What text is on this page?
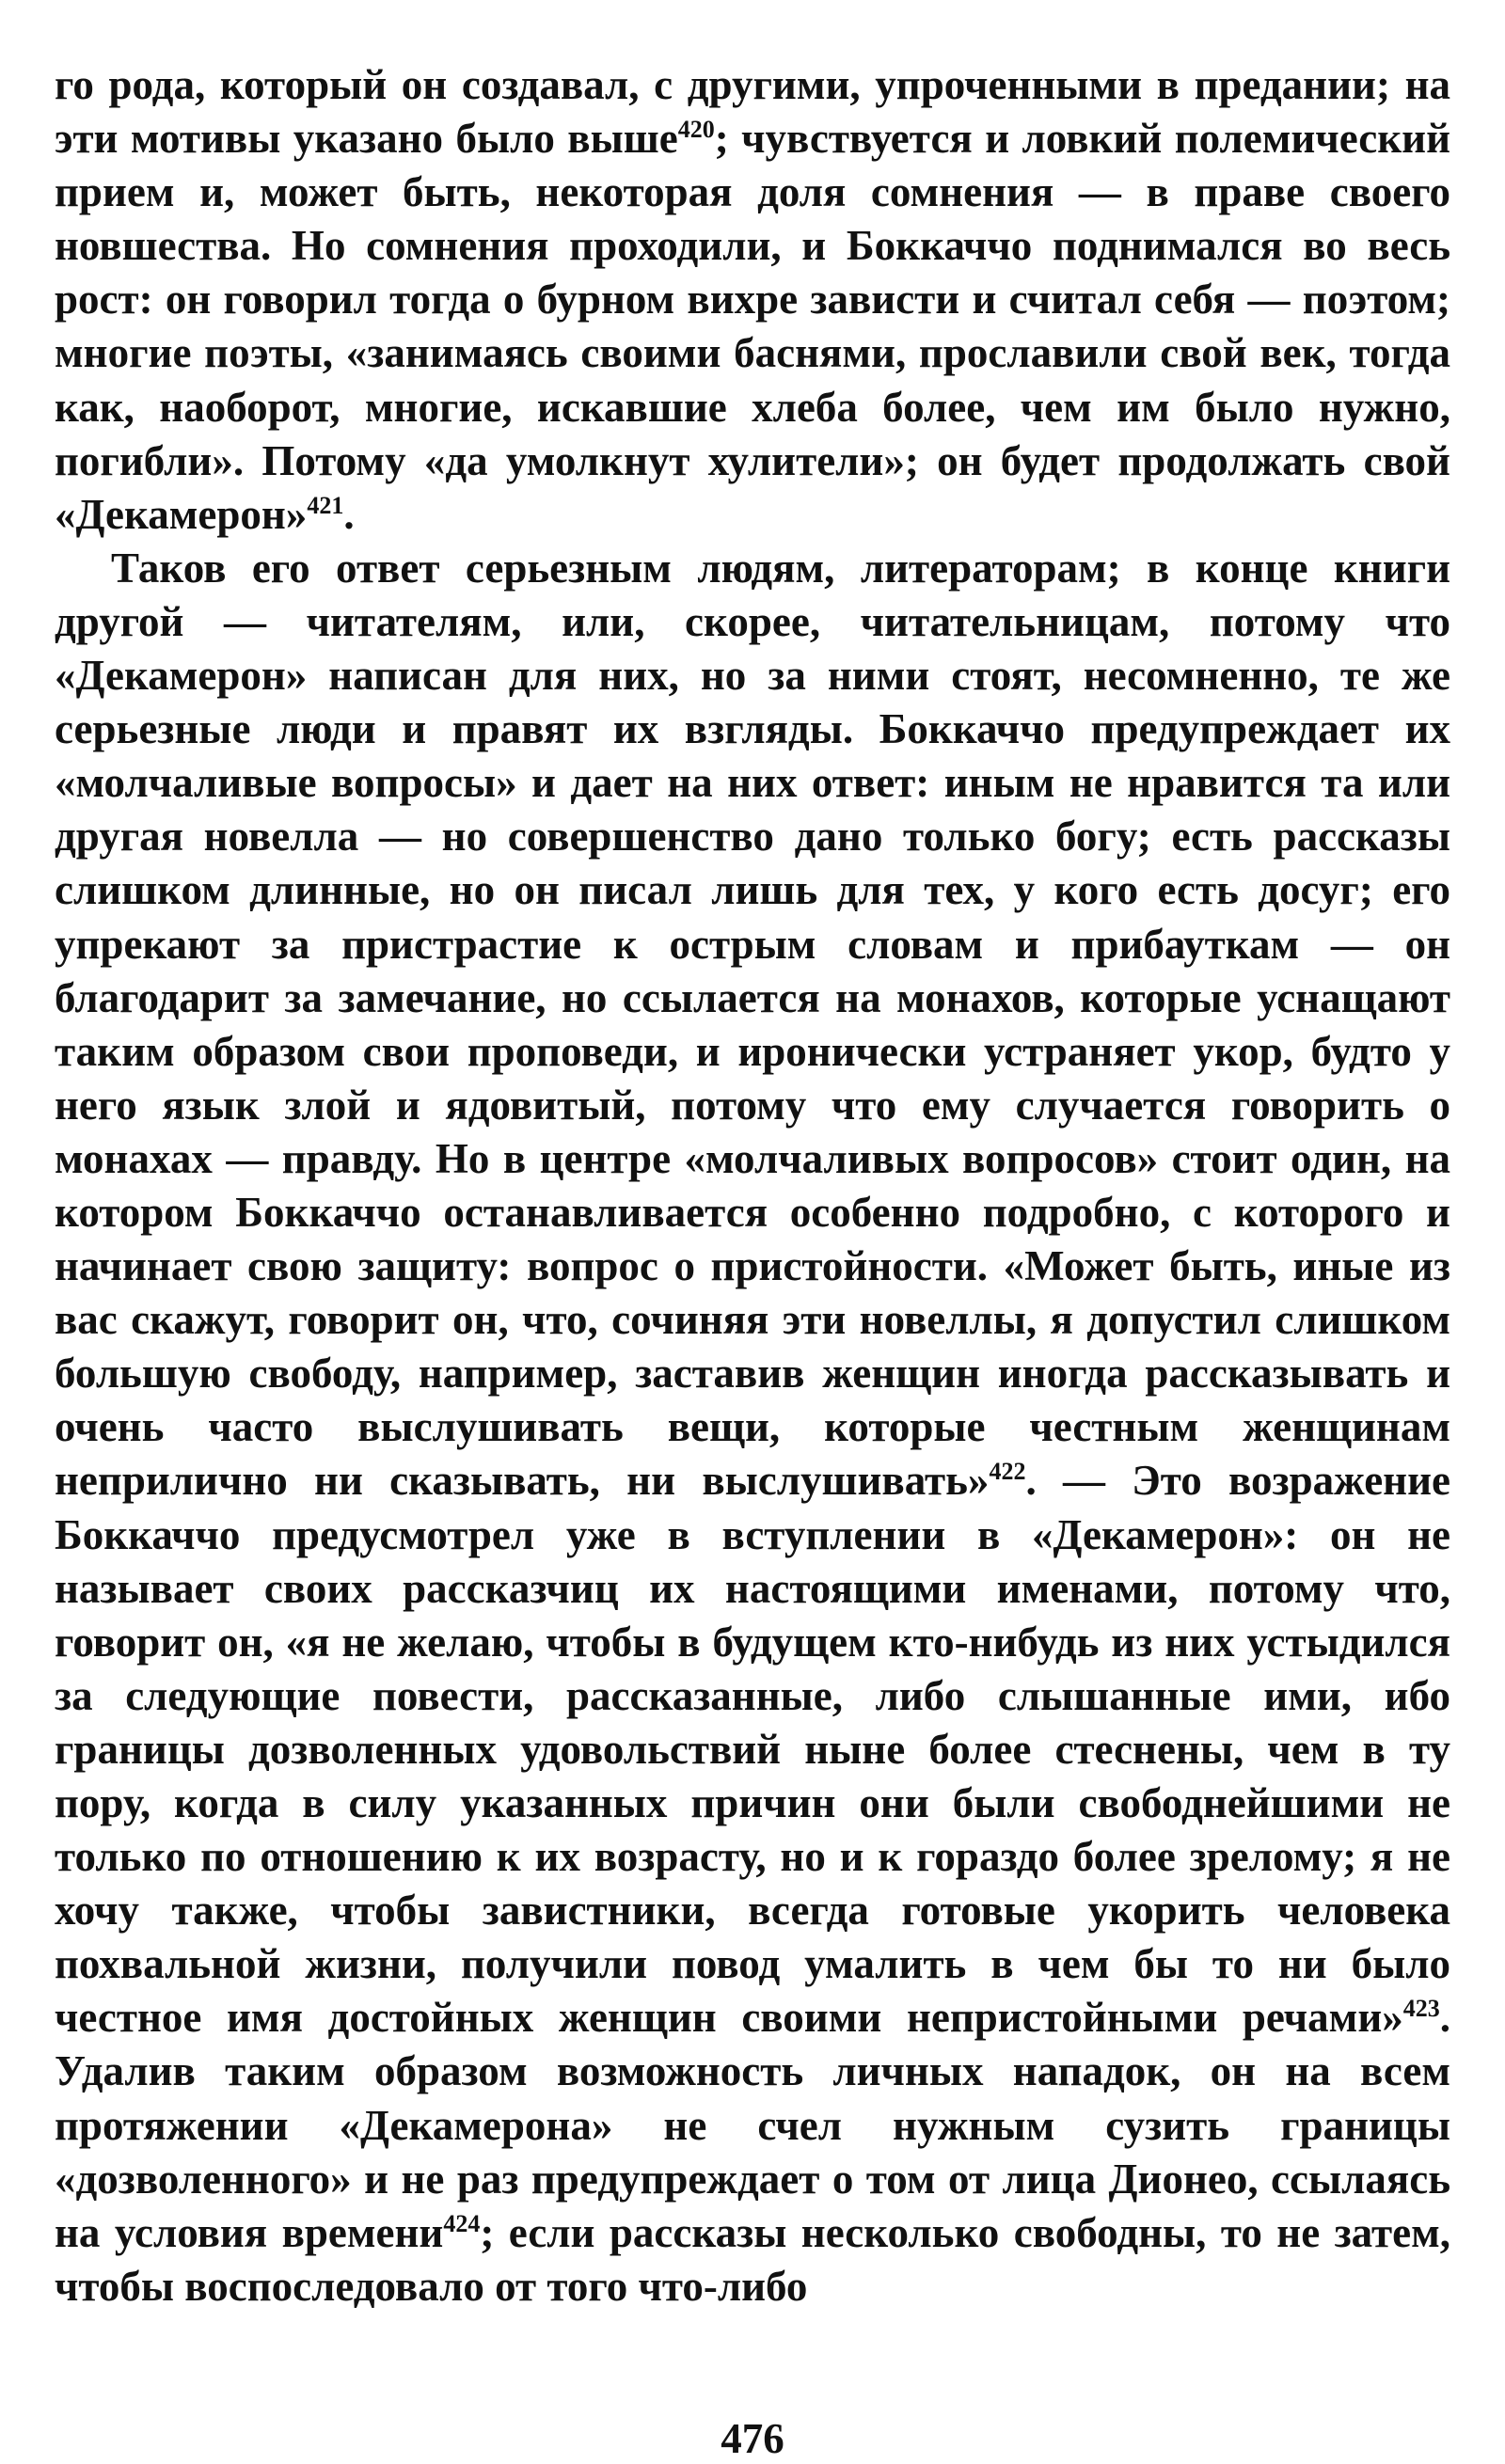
го рода, который он создавал, с другими, упроченными в предании; на эти мотивы указано было выше$^{420}$; чувствуется и ловкий полемический прием и, может быть, некоторая доля сомнения — в праве своего новшества. Но сомнения проходили, и Боккаччо поднимался во весь рост: он говорил тогда о бурном вихре зависти и считал себя — поэтом; многие поэты, «занимаясь своими баснями, прославили свой век, тогда как, наоборот, многие, искавшие хлеба более, чем им было нужно, погибли». Потому «да умолкнут хулители»; он будет продолжать свой «Декамерон»$^{421}$.

Таков его ответ серьезным людям, литераторам; в конце книги другой — читателям, или, скорее, читательницам, потому что «Декамерон» написан для них, но за ними стоят, несомненно, те же серьезные люди и правят их взгляды. Боккаччо предупреждает их «молчаливые вопросы» и дает на них ответ: иным не нравится та или другая новелла — но совершенство дано только богу; есть рассказы слишком длинные, но он писал лишь для тех, у кого есть досуг; его упрекают за пристрастие к острым словам и прибауткам — он благодарит за замечание, но ссылается на монахов, которые уснащают таким образом свои проповеди, и иронически устраняет укор, будто у него язык злой и ядовитый, потому что ему случается говорить о монахах — правду. Но в центре «молчаливых вопросов» стоит один, на котором Боккаччо останавливается особенно подробно, с которого и начинает свою защиту: вопрос о пристойности. «Может быть, иные из вас скажут, говорит он, что, сочиняя эти новеллы, я допустил слишком большую свободу, например, заставив женщин иногда рассказывать и очень часто выслушивать вещи, которые честным женщинам неприлично ни сказывать, ни выслушивать»$^{422}$. — Это возражение Боккаччо предусмотрел уже в вступлении в «Декамерон»: он не называет своих рассказчиц их настоящими именами, потому что, говорит он, «я не желаю, чтобы в будущем кто-нибудь из них устыдился за следующие повести, рассказанные, либо слышанные ими, ибо границы дозволенных удовольствий ныне более стеснены, чем в ту пору, когда в силу указанных причин они были свободнейшими не только по отношению к их возрасту, но и к гораздо более зрелому; я не хочу также, чтобы завистники, всегда готовые укорить человека похвальной жизни, получили повод умалить в чем бы то ни было честное имя достойных женщин своими непристойными речами»$^{423}$. Удалив таким образом возможность личных нападок, он на всем протяжении «Декамерона» не счел нужным сузить границы «дозволенного» и не раз предупреждает о том от лица Дионео, ссылаясь на условия времени$^{424}$; если рассказы несколько свободны, то не затем, чтобы воспоследовало от того что-либо

476
